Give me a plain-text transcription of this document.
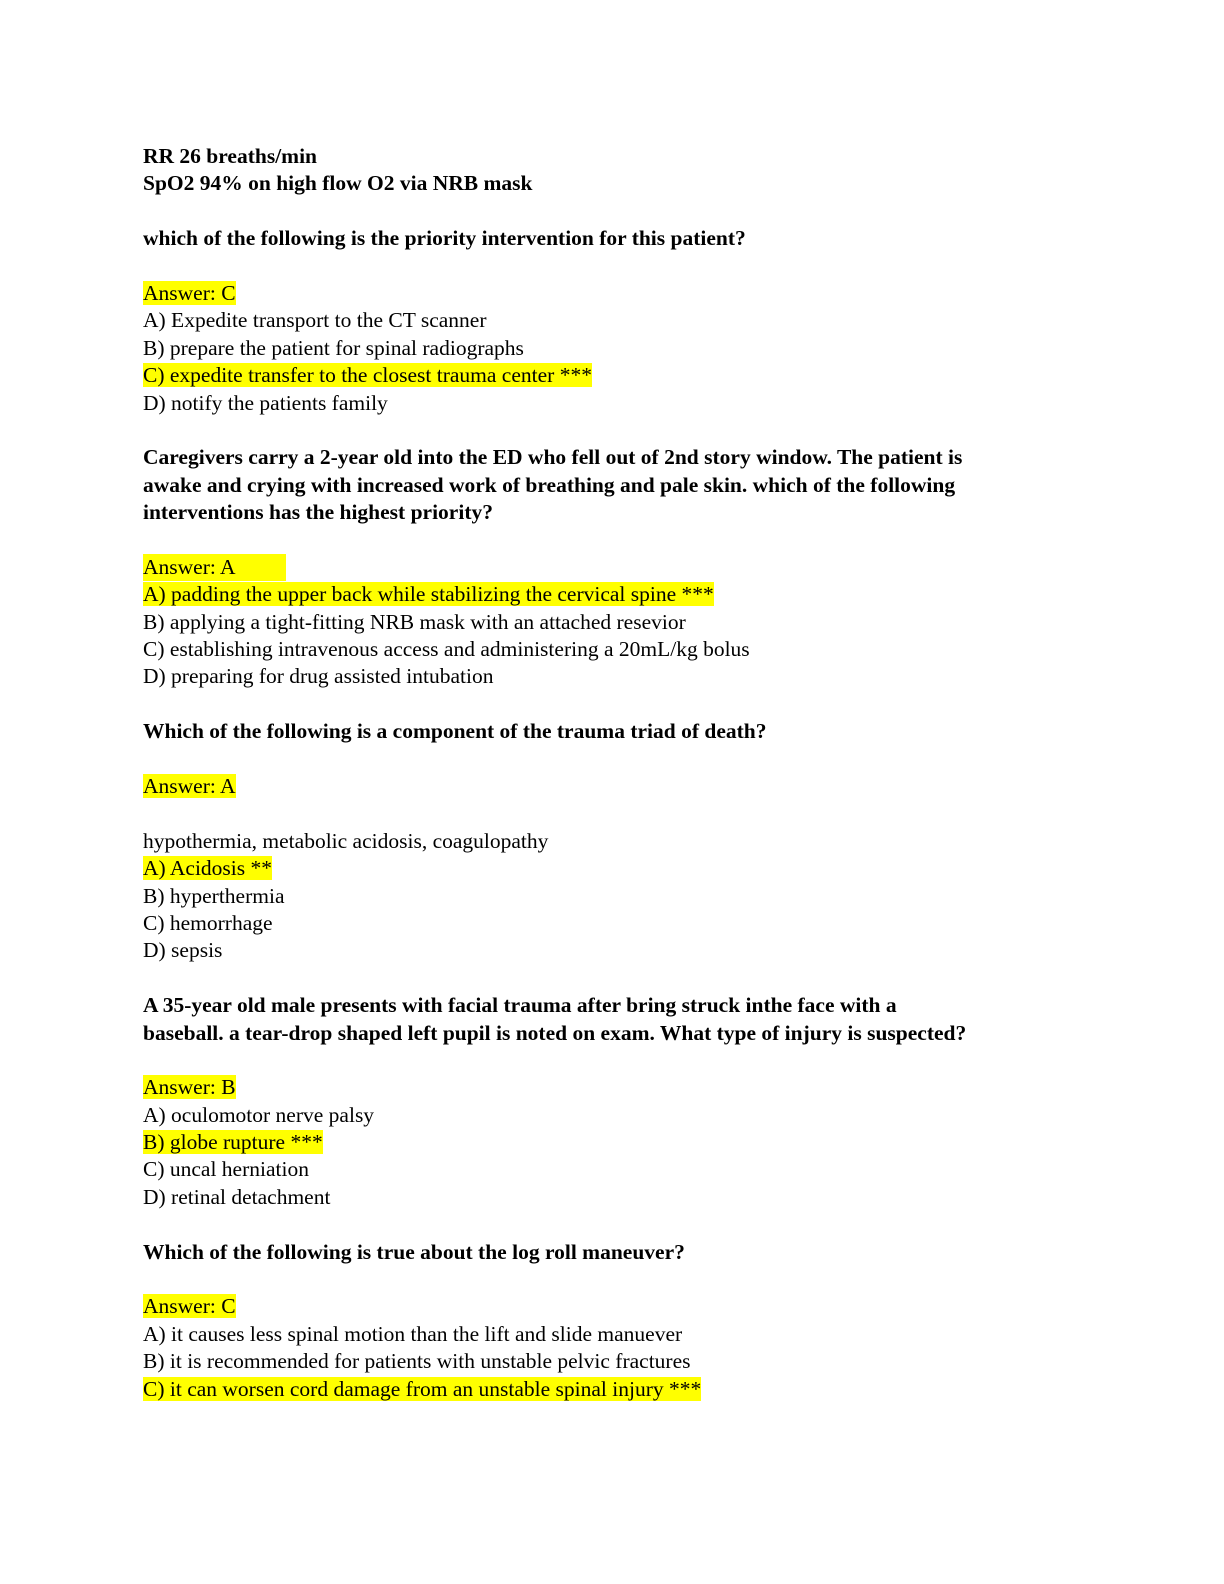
RR 26 breaths/min
SpO2 94% on high flow O2 via NRB mask
which of the following is the priority intervention for this patient?
Answer: C
A) Expedite transport to the CT scanner
B) prepare the patient for spinal radiographs
C) expedite transfer to the closest trauma center ***
D) notify the patients family
Caregivers carry a 2-year old into the ED who fell out of 2nd story window. The patient is
awake and crying with increased work of breathing and pale skin. which of the following
interventions has the highest priority?
Answer: A
A) padding the upper back while stabilizing the cervical spine ***
B) applying a tight-fitting NRB mask with an attached resevior
C) establishing intravenous access and administering a 20mL/kg bolus
D) preparing for drug assisted intubation
Which of the following is a component of the trauma triad of death?
Answer: A
hypothermia, metabolic acidosis, coagulopathy
A) Acidosis **
B) hyperthermia
C) hemorrhage
D) sepsis
A 35-year old male presents with facial trauma after bring struck inthe face with a
baseball. a tear-drop shaped left pupil is noted on exam. What type of injury is suspected?
Answer: B
A) oculomotor nerve palsy
B) globe rupture ***
C) uncal herniation
D) retinal detachment
Which of the following is true about the log roll maneuver?
Answer: C
A) it causes less spinal motion than the lift and slide manuever
B) it is recommended for patients with unstable pelvic fractures
C) it can worsen cord damage from an unstable spinal injury ***
